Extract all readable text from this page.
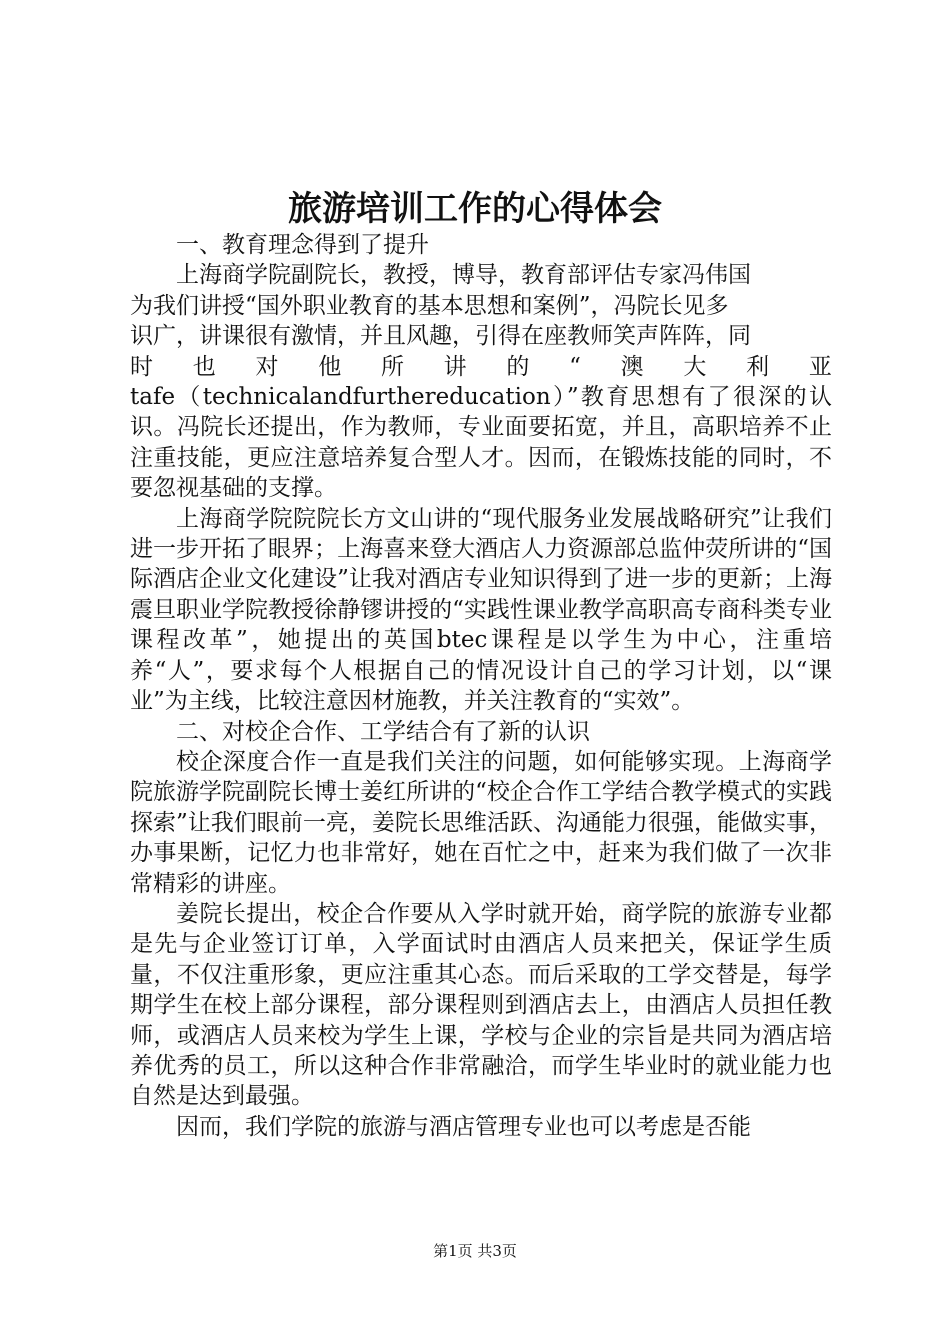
旅游培训工作的心得体会

一、教育理念得到了提升

上海商学院副院长，教授，博导，教育部评估专家冯伟国

为我们讲授“国外职业教育的基本思想和案例”，冯院长见多

识广，讲课很有激情，并且风趣，引得在座教师笑声阵阵，同

时 也 对 他 所 讲 的 “ 澳 大 利 亚

tafe（technicalandfurthereducation）”教育思想有了很深的认识。冯院长还提出，作为教师，专业面要拓宽，并且，高职培养不止注重技能，更应注意培养复合型人才。因而，在锻炼技能的同时，不要忽视基础的支撑。

上海商学院院院长方文山讲的“现代服务业发展战略研究”让我们进一步开拓了眼界；上海喜来登大酒店人力资源部总监仲荧所讲的“国际酒店企业文化建设”让我对酒店专业知识得到了进一步的更新；上海震旦职业学院教授徐静镠讲授的“实践性课业教学高职高专商科类专业课程改革”，她提出的英国btec课程是以学生为中心，注重培养“人”，要求每个人根据自己的情况设计自己的学习计划，以“课业”为主线，比较注意因材施教，并关注教育的“实效”。

二、对校企合作、工学结合有了新的认识

校企深度合作一直是我们关注的问题，如何能够实现。上海商学院旅游学院副院长博士姜红所讲的“校企合作工学结合教学模式的实践探索”让我们眼前一亮，姜院长思维活跃、沟通能力很强，能做实事，办事果断，记忆力也非常好，她在百忙之中，赶来为我们做了一次非常精彩的讲座。

姜院长提出，校企合作要从入学时就开始，商学院的旅游专业都是先与企业签订订单，入学面试时由酒店人员来把关，保证学生质量，不仅注重形象，更应注重其心态。而后采取的工学交替是，每学期学生在校上部分课程，部分课程则到酒店去上，由酒店人员担任教师，或酒店人员来校为学生上课，学校与企业的宗旨是共同为酒店培养优秀的员工，所以这种合作非常融洽，而学生毕业时的就业能力也自然是达到最强。

因而，我们学院的旅游与酒店管理专业也可以考虑是否能

第1页 共3页
